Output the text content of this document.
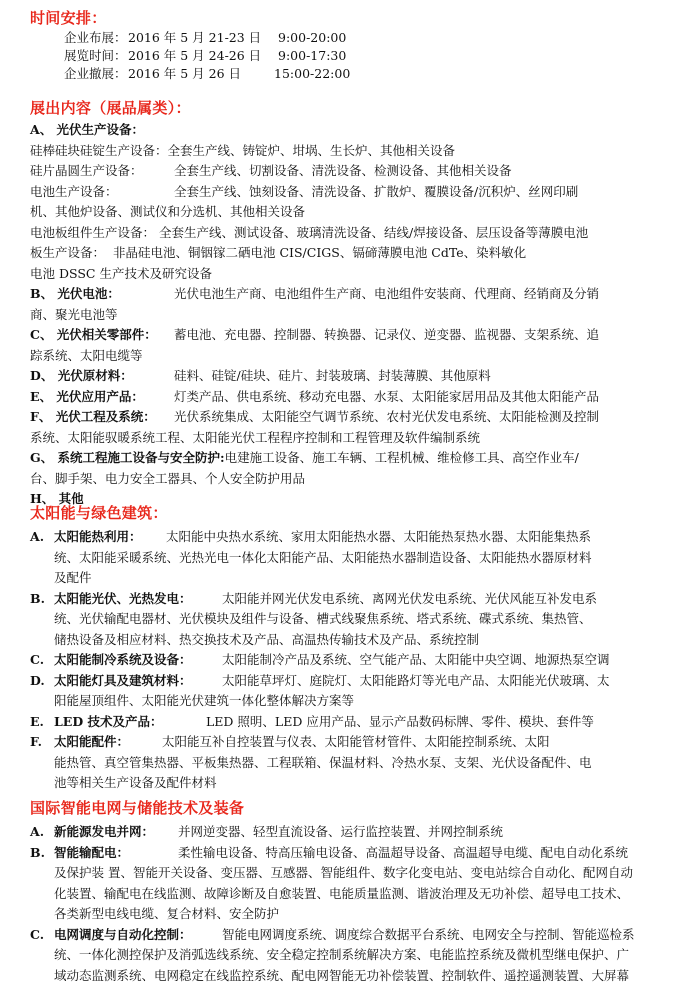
时间安排：
企业布展：2016 年 5 月 21-23 日 9:00-20:00
展览时间：2016 年 5 月 24-26 日 9:00-17:30
企业撤展：2016 年 5 月 26 日	15:00-22:00
展出内容（展品属类）：

A、 光伏生产设备：

硅棒硅块硅锭生产设备：全套生产线、铸锭炉、坩埚、生长炉、其他相关设备

硅片晶圆生产设备：	全套生产线、切割设备、清洗设备、检测设备、其他相关设备

电池生产设备：	全套生产线、蚀刻设备、清洗设备、扩散炉、覆膜设备/沉积炉、丝网印刷

机、其他炉设备、测试仪和分选机、其他相关设备

电池板组件生产设备： 全套生产线、测试设备、玻璃清洗设备、结线/焊接设备、层压设备等薄膜电池

板生产设备： 非晶硅电池、铜铟镓二硒电池 CIS/CIGS、镉碲薄膜电池 CdTe、染料敏化

电池 DSSC 生产技术及研究设备

B、 光伏电池：	光伏电池生产商、电池组件生产商、电池组件安装商、代理商、经销商及分销

商、聚光电池等

C、 光伏相关零部件： 蓄电池、充电器、控制器、转换器、记录仪、逆变器、监视器、支架系统、追

踪系统、太阳电缆等

D、 光伏原材料：	硅料、硅锭/硅块、硅片、封装玻璃、封装薄膜、其他原料

E、 光伏应用产品： 灯类产品、供电系统、移动充电器、水泵、太阳能家居用品及其他太阳能产品

F、 光伏工程及系统： 光伏系统集成、太阳能空气调节系统、农村光伏发电系统、太阳能检测及控制

系统、太阳能驭暖系统工程、太阳能光伏工程程序控制和工程管理及软件编制系统

G、 系统工程施工设备与安全防护:电建施工设备、施工车辆、工程机械、维检修工具、高空作业车/

台、脚手架、电力安全工器具、个人安全防护用品

H、 其他

太阳能与绿色建筑：
A. 太阳能热利用： 太阳能中央热水系统、家用太阳能热水器、太阳能热泵热水器、太阳能集热系

统、太阳能采暖系统、光热光电一体化太阳能产品、太阳能热水器制造设备、太阳能热水器原材料

及配件

B. 太阳能光伏、光热发电： 太阳能并网光伏发电系统、离网光伏发电系统、光伏风能互补发电系

统、光伏输配电器材、光伏模块及组件与设备、槽式线聚焦系统、塔式系统、碟式系统、集热管、

储热设备及相应材料、热交换技术及产品、高温热传输技术及产品、系统控制

C. 太阳能制冷系统及设备： 太阳能制冷产品及系统、空气能产品、太阳能中央空调、地源热泵空调

D. 太阳能灯具及建筑材料： 太阳能草坪灯、庭院灯、太阳能路灯等光电产品、太阳能光伏玻璃、太

阳能屋顶组件、太阳能光伏建筑一体化整体解决方案等

E. LED 技术及产品：	LED 照明、LED 应用产品、显示产品数码标牌、零件、模块、套件等

F. 太阳能配件：	太阳能互补自控装置与仪表、太阳能管材管件、太阳能控制系统、太阳

能热管、真空管集热器、平板集热器、工程联箱、保温材料、冷热水泵、支架、光伏设备配件、电

池等相关生产设备及配件材料

国际智能电网与储能技术及装备
A. 新能源发电并网： 并网逆变器、轻型直流设备、运行监控装置、并网控制系统

B. 智能输配电：	柔性输电设备、特高压输电设备、高温超导设备、高温超导电缆、配电自动化系统

及保护装 置、智能开关设备、变压器、互感器、智能组件、数字化变电站、变电站综合自动化、配网自动

化装置、输配电在线监测、故障诊断及自愈装置、电能质量监测、谐波治理及无功补偿、超导电工技术、

各类新型电线电缆、复合材料、安全防护

C. 电网调度与自动化控制： 智能电网调度系统、调度综合数据平台系统、电网安全与控制、智能巡检系

统、一体化测控保护及消弧选线系统、安全稳定控制系统解决方案、电能监控系统及微机型继电保护、广

域动态监测系统、电网稳定在线监控系统、配电网智能无功补偿装置、控制软件、遥控遥测装置、大屏幕
